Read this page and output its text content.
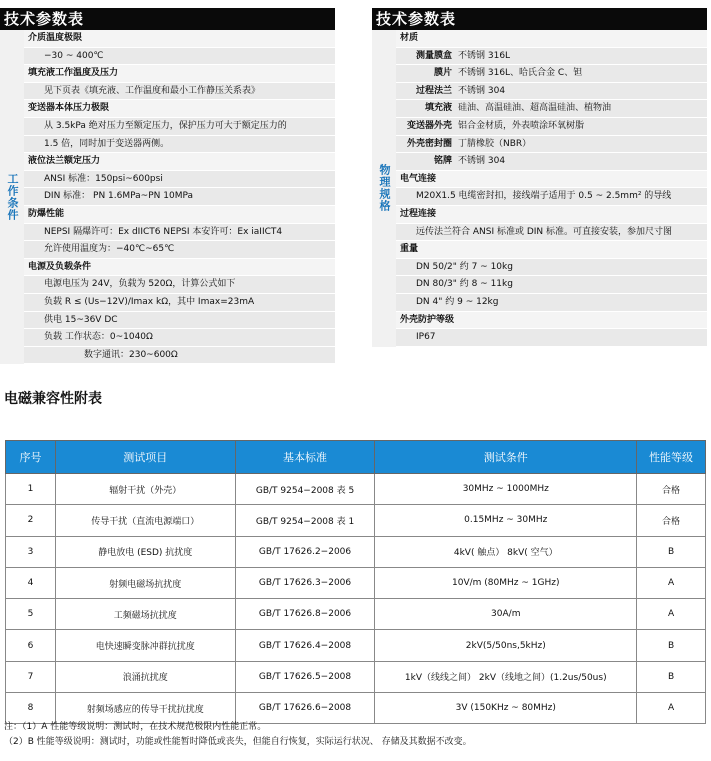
技术参数表
工作条件
介质温度极限
−30 ~ 400℃
填充液工作温度及压力
见下页表《填充液、工作温度和最小工作静压关系表》
变送器本体压力极限
从 3.5kPa 绝对压力至额定压力，保护压力可大于额定压力的
1.5 倍，同时加于变送器两侧。
液位法兰额定压力
ANSI 标准：150psi~600psi
DIN 标准： PN 1.6MPa~PN 10MPa
防爆性能
NEPSI 隔爆许可：Ex dIICT6 NEPSI 本安许可：Ex iaIICT4
允许使用温度为：−40℃~65℃
电源及负载条件
电源电压为 24V，负载为 520Ω，计算公式如下
负载 R ≤ (Us−12V)/Imax kΩ，其中 Imax=23mA
供电 15~36V DC
负载 工作状态：0~1040Ω
数字通讯：230~600Ω
技术参数表
物理规格
材质
测量膜盒 不锈钢 316L
膜片 不锈钢 316L、哈氏合金 C、钽
过程法兰 不锈钢 304
填充液 硅油、高温硅油、超高温硅油、植物油
变送器外壳 铝合金材质，外表喷涂环氧树脂
外壳密封圈 丁腈橡胶（NBR）
铭牌 不锈钢 304
电气连接
M20X1.5 电缆密封扣，接线端子适用于 0.5 ~ 2.5mm² 的导线
过程连接
远传法兰符合 ANSI 标准或 DIN 标准。可直接安装，参加尺寸图
重量
DN 50/2" 约 7 ~ 10kg
DN 80/3" 约 8 ~ 11kg
DN 4" 约 9 ~ 12kg
外壳防护等级
IP67
电磁兼容性附表
序号	测试项目	基本标准	测试条件	性能等级
1	辐射干扰（外壳）	GB/T 9254−2008 表 5	30MHz ~ 1000MHz	合格
2	传导干扰（直流电源端口）	GB/T 9254−2008 表 1	0.15MHz ~ 30MHz	合格
3	静电放电 (ESD) 抗扰度	GB/T 17626.2−2006	4kV( 触点） 8kV( 空气）	B
4	射频电磁场抗扰度	GB/T 17626.3−2006	10V/m (80MHz ~ 1GHz)	A
5	工频磁场抗扰度	GB/T 17626.8−2006	30A/m	A
6	电快速瞬变脉冲群抗扰度	GB/T 17626.4−2008	2kV(5/50ns,5kHz)	B
7	浪涌抗扰度	GB/T 17626.5−2008	1kV（线线之间） 2kV（线地之间）(1.2us/50us)	B
8	射频场感应的传导干扰抗扰度	GB/T 17626.6−2008	3V (150KHz ~ 80MHz)	A
注：（1）A 性能等级说明：测试时，在技术规范极限内性能正常。
（2）B 性能等级说明：测试时，功能或性能暂时降低或丧失，但能自行恢复，实际运行状况、 存储及其数据不改变。
